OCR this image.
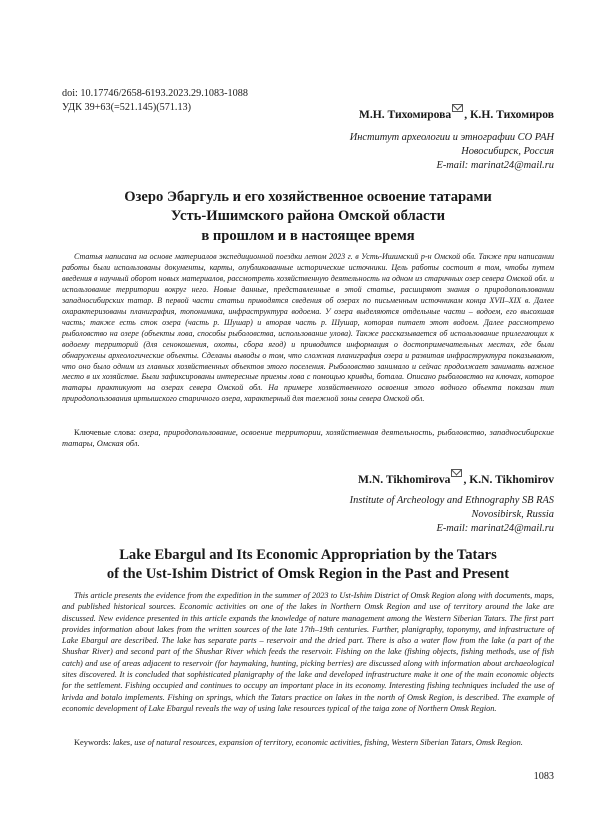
doi: 10.17746/2658-6193.2023.29.1083-1088
УДК 39+63(=521.145)(571.13)
М.Н. Тихомирова , К.Н. Тихомиров
Институт археологии и этнографии СО РАН
Новосибирск, Россия
E-mail: marinat24@mail.ru
Озеро Эбаргуль и его хозяйственное освоение татарами
Усть-Ишимского района Омской области
в прошлом и в настоящее время

Статья написана на основе материалов экспедиционной поездки летом 2023 г. в Усть-Ишимский р-н Омской обл. Также при написании работы были использованы документы, карты, опубликованные исторические источники. Цель работы состоит в том, чтобы путем введения в научный оборот новых материалов, рассмотреть хозяйственную деятельность на одном из старичных озер севера Омской обл. и использование территории вокруг него. Новые данные, представленные в этой статье, расширяют знания о природопользовании западносибирских татар. В первой части статьи приводятся сведения об озерах по письменным источникам конца XVII–XIX в. Далее охарактеризованы планиграфия, топонимика, инфраструктура водоема. У озера выделяются отдельные части – водоем, его высохшая часть; также есть сток озера (часть р. Шушар) и вторая часть р. Шушар, которая питает этот водоем. Далее рассмотрено рыболовство на озере (объекты лова, способы рыболовства, использование улова). Также рассказывается об использование прилегающих к водоему территорий (для сенокошения, охоты, сбора ягод) и приводится информация о достопримечательных местах, где были обнаружены археологические объекты. Сделаны выводы о том, что сложная планиграфия озера и развитая инфраструктура показывают, что оно было одним из главных хозяйственных объектов этого поселения. Рыболовство занимало и сейчас продолжает занимать важное место в их хозяйстве. Были зафиксированы интересные приемы лова с помощью кривды, ботала. Описано рыболовство на ключах, которое татары практикуют на озерах севера Омской обл. На примере хозяйственного освоения этого водного объекта показан тип природопользования иртышского старичного озера, характерный для таежной зоны севера Омской обл.

Ключевые слова: озера, природопользование, освоение территории, хозяйственная деятельность, рыболовство, западносибирские татары, Омская обл.

M.N. Tikhomirova , K.N. Tikhomirov
Institute of Archeology and Ethnography SB RAS
Novosibirsk, Russia
E-mail: marinat24@mail.ru
Lake Ebargul and Its Economic Appropriation by the Tatars
of the Ust-Ishim District of Omsk Region in the Past and Present

This article presents the evidence from the expedition in the summer of 2023 to Ust-Ishim District of Omsk Region along with documents, maps, and published historical sources. Economic activities on one of the lakes in Northern Omsk Region and use of territory around the lake are discussed. New evidence presented in this article expands the knowledge of nature management among the Western Siberian Tatars. The first part provides information about lakes from the written sources of the late 17th–19th centuries. Further, planigraphy, toponymy, and infrastructure of Lake Ebargul are described. The lake has separate parts – reservoir and the dried part. There is also a water flow from the lake (a part of the Shushar River) and second part of the Shushar River which feeds the reservoir. Fishing on the lake (fishing objects, fishing methods, use of fish catch) and use of areas adjacent to reservoir (for haymaking, hunting, picking berries) are discussed along with information about archaeological sites discovered. It is concluded that sophisticated planigraphy of the lake and developed infrastructure make it one of the main economic objects for the settlement. Fishing occupied and continues to occupy an important place in its economy. Interesting fishing techniques included the use of krivda and botalo implements. Fishing on springs, which the Tatars practice on lakes in the north of Omsk Region, is described. The example of economic development of Lake Ebargul reveals the way of using lake resources typical of the taiga zone of Northern Omsk Region.

Keywords: lakes, use of natural resources, expansion of territory, economic activities, fishing, Western Siberian Tatars, Omsk Region.

1083
